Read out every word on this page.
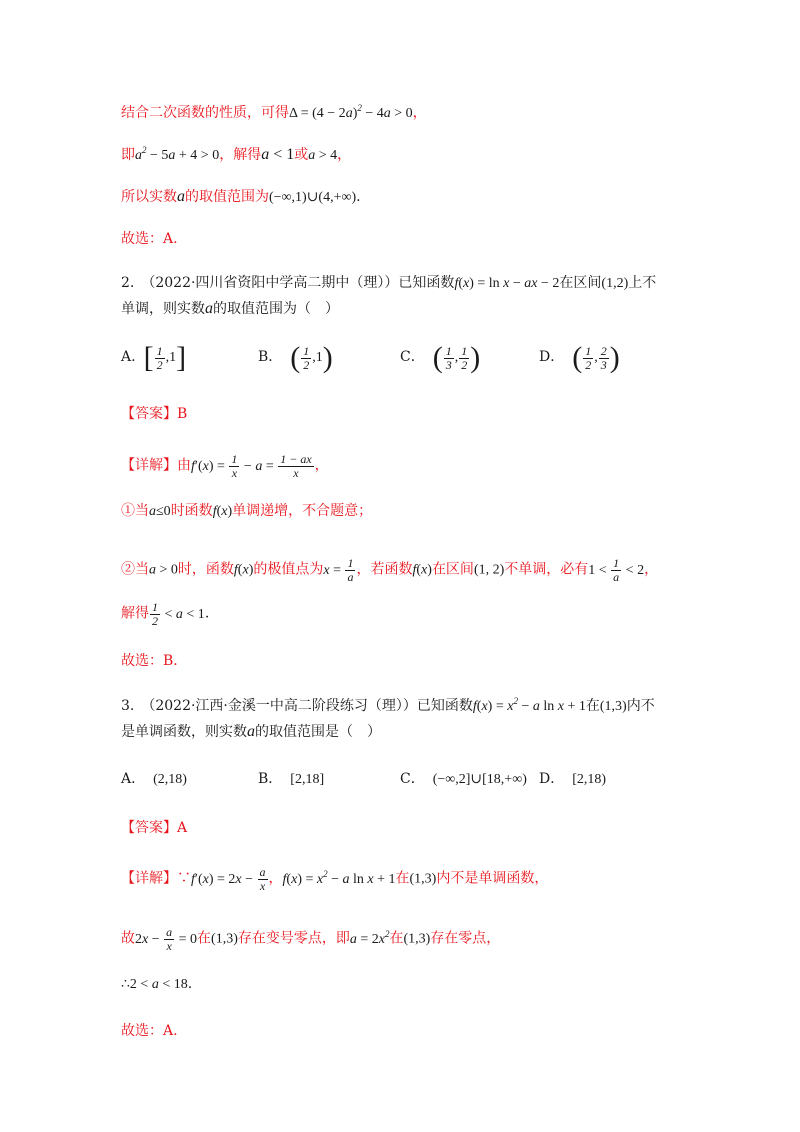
结合二次函数的性质，可得$\Delta = (4 - 2a)^2 - 4a > 0$，
即$a^2 - 5a + 4 > 0$，解得a < 1或a > 4，
所以实数a的取值范围为(−∞,1)∪(4,+∞).
故选：A.
2.　（2022·四川省资阳中学高二期中（理））已知函数f(x) = ln x − ax − 2在区间(1,2)上不
单调，则实数a的取值范围为（　）
A. [ $\frac{1}{2} ,1$]	B． ( $\frac{1}{2} ,1$)	C． ( $\frac{1}{3}$ , $\frac{1}{2}$ )	D． ( $\frac{1}{2}$ , $\frac{2}{3}$ )
【答案】B
【详解】由$f'(x) = \frac{1}{x} - a = \frac{1 - ax}{x}$ ，
①当a≤0时函数f(x)单调递增，不合题意；
②当a > 0时，函数f(x)的极值点为$x = \frac{1}{a}$ ，若函数f(x)在区间(1, 2)不单调，必有$1 < \frac{1}{a} < 2$，
解得 $\frac{1}{2} < a < 1$.
故选：B.
3.　（2022·江西·金溪一中高二阶段练习（理））已知函数$f(x) = x^2 - a$ ln x + 1在(1,3)内不
是单调函数，则实数a的取值范围是（　）
A． (2,18)	B． [2,18]	C． (−∞,2]∪[18,+∞) D． [2,18)
【答案】A
【详解】∵f′(x) = $2x - \frac{a}{x}$ ，$f(x) = x^2 - a$ ln x + 1在(1,3)内不是单调函数，
故$2x - \frac{a}{x} = 0$在(1,3)存在变号零点，即$a = 2x^2$在(1,3)存在零点，
∴2 < a < 18.
故选：A.
